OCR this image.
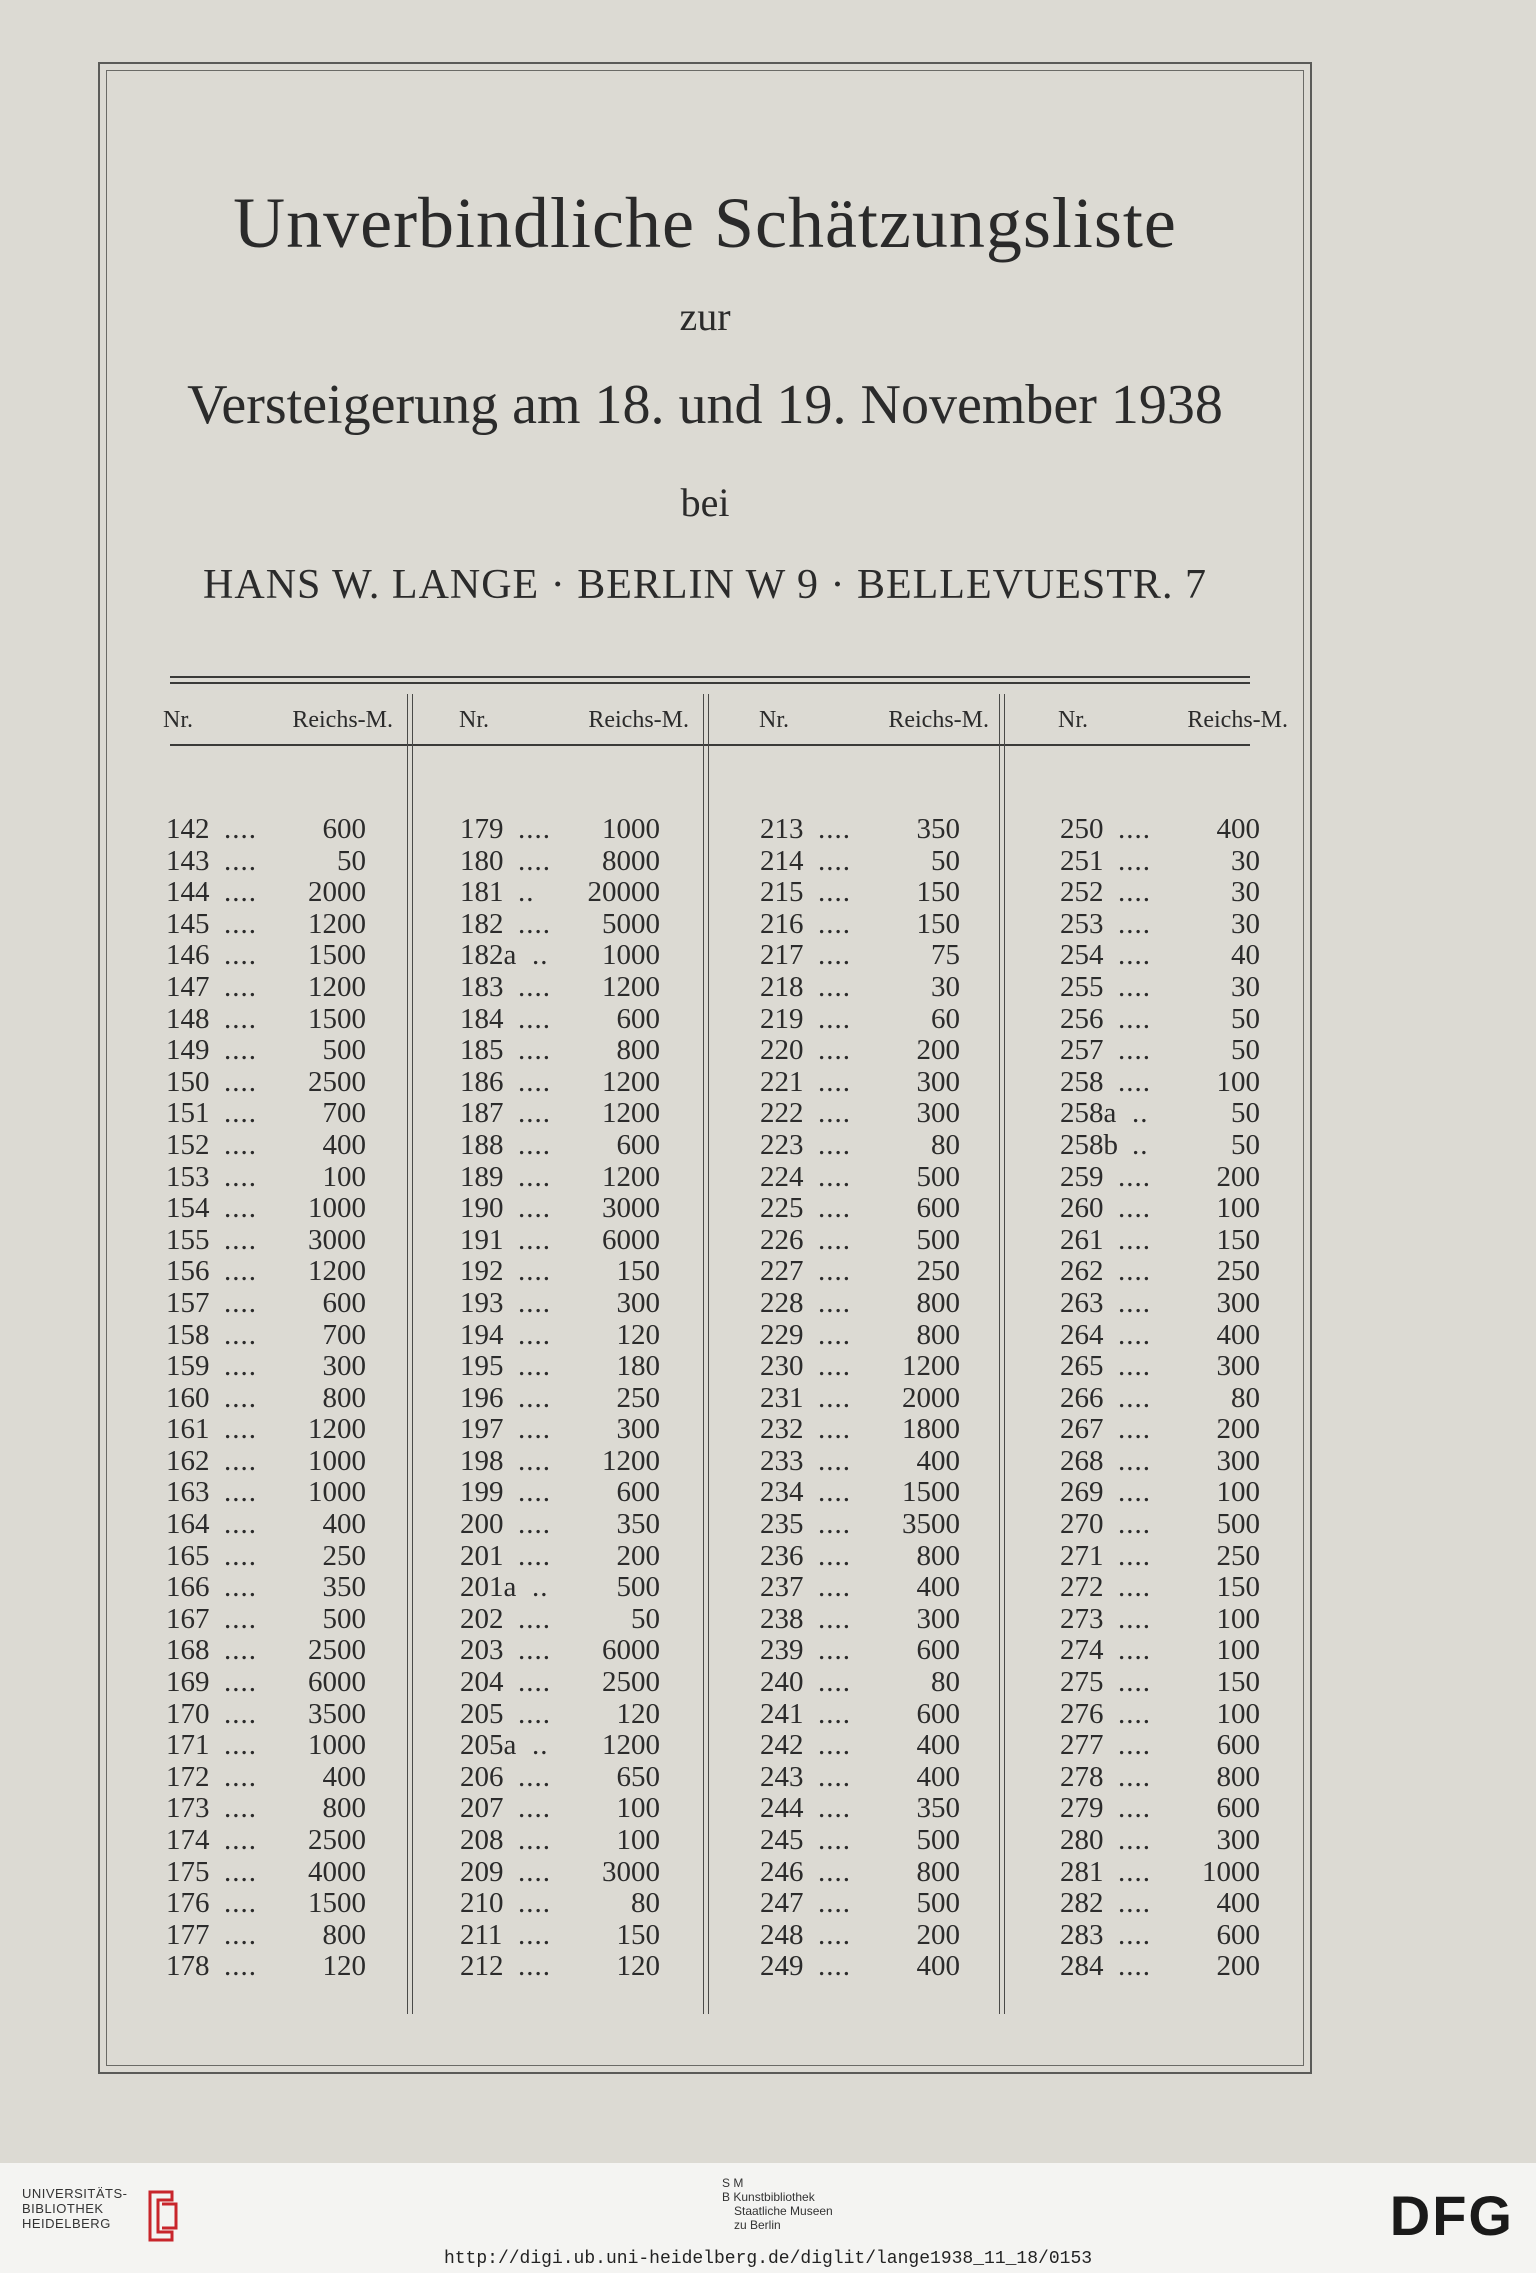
Unverbindliche Schätzungsliste
zur
Versteigerung am 18. und 19. November 1938
bei
HANS W. LANGE · BERLIN W 9 · BELLEVUESTR. 7
Nr.	Reichs-M.	Nr.	Reichs-M.	Nr.	Reichs-M.	Nr.	Reichs-M.
142 .... 600
143 ....	50
144 .... 2000
145 .... 1200
146 .... 1500
147 .... 1200
148 .... 1500
149 .... 500
150 .... 2500
151 .... 700
152 .... 400
153 .... 100
154 .... 1000
155 .... 3000
156 .... 1200
157 .... 600
158 .... 700
159 .... 300
160 .... 800
161 .... 1200
162 .... 1000
163 .... 1000
164 .... 400
165 .... 250
166 .... 350
167 .... 500
168 .... 2500
169 .... 6000
170 .... 3500
171 .... 1000
172 .... 400
173 .... 800
174 .... 2500
175 .... 4000
176 .... 1500
177 .... 800
178 .... 120
179 .... 1000
180 .... 8000
181 .. 20000
182 .... 5000
182a .. 1000
183 .... 1200
184 .... 600
185 .... 800
186 .... 1200
187 .... 1200
188 .... 600
189 .... 1200
190 .... 3000
191 .... 6000
192 .... 150
193 .... 300
194 .... 120
195 .... 180
196 .... 250
197 .... 300
198 .... 1200
199 .... 600
200 .... 350
201 .... 200
201a .. 500
202 ....	50
203 .... 6000
204 .... 2500
205 .... 120
205a .. 1200
206 .... 650
207 .... 100
208 .... 100
209 .... 3000
210 ....	80
211 .... 150
212 .... 120
213 .... 350
214 ....	50
215 .... 150
216 .... 150
217 ....	75
218 ....	30
219 ....	60
220 .... 200
221 .... 300
222 .... 300
223 ....	80
224 .... 500
225 .... 600
226 .... 500
227 .... 250
228 .... 800
229 .... 800
230 .... 1200
231 .... 2000
232 .... 1800
233 .... 400
234 .... 1500
235 .... 3500
236 .... 800
237 .... 400
238 .... 300
239 .... 600
240 ....	80
241 .... 600
242 .... 400
243 .... 400
244 .... 350
245 .... 500
246 .... 800
247 .... 500
248 .... 200
249 .... 400
250 .... 400
251 ....	30
252 ....	30
253 ....	30
254 ....	40
255 ....	30
256 ....	50
257 ....	50
258 .... 100
258a ..	50
258b ..	50
259 .... 200
260 .... 100
261 .... 150
262 .... 250
263 .... 300
264 .... 400
265 .... 300
266 ....	80
267 .... 200
268 .... 300
269 .... 100
270 .... 500
271 .... 250
272 .... 150
273 .... 100
274 .... 100
275 .... 150
276 .... 100
277 .... 600
278 .... 800
279 .... 600
280 .... 300
281 .... 1000
282 .... 400
283 .... 600
284 .... 200
UNIVERSITÄTS-
BIBLIOTHEK
HEIDELBERG
S M
B Kunstbibliothek
Staatliche Museen
zu Berlin	DFG
http://digi.ub.uni-heidelberg.de/diglit/lange1938_11_18/0153
